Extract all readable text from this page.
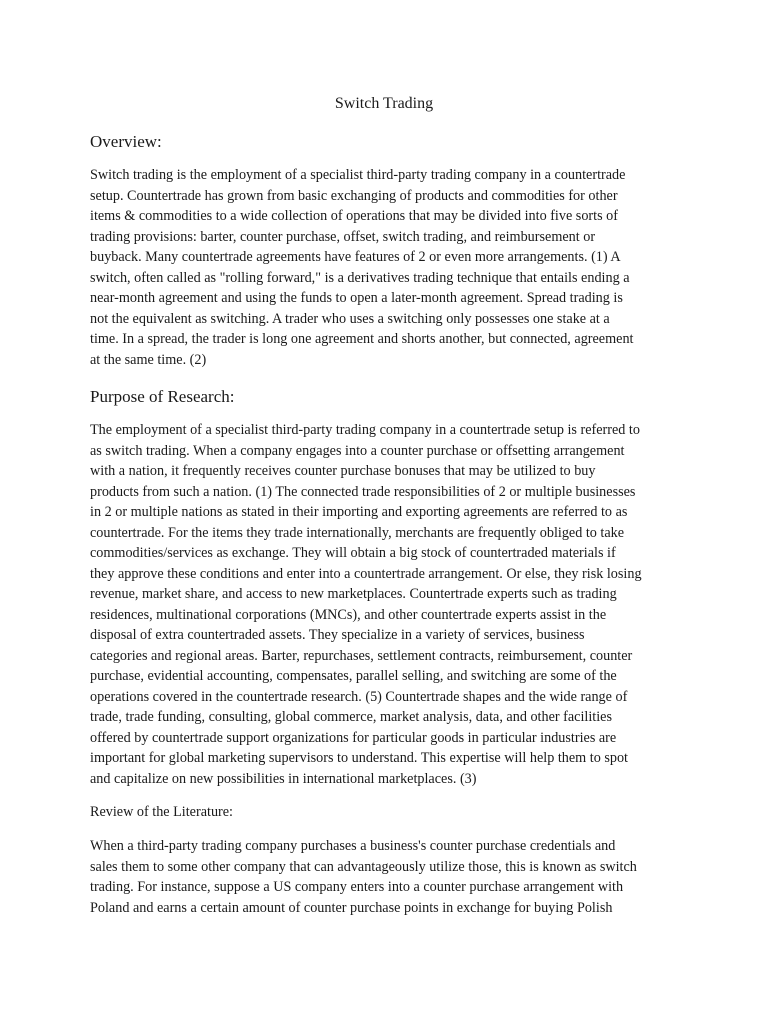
Switch Trading
Overview:

Switch trading is the employment of a specialist third-party trading company in a countertrade
setup. Countertrade has grown from basic exchanging of products and commodities for other
items & commodities to a wide collection of operations that may be divided into five sorts of
trading provisions: barter, counter purchase, offset, switch trading, and reimbursement or
buyback. Many countertrade agreements have features of 2 or even more arrangements. (1) A
switch, often called as "rolling forward," is a derivatives trading technique that entails ending a
near-month agreement and using the funds to open a later-month agreement. Spread trading is
not the equivalent as switching. A trader who uses a switching only possesses one stake at a
time. In a spread, the trader is long one agreement and shorts another, but connected, agreement
at the same time. (2)

Purpose of Research:

The employment of a specialist third-party trading company in a countertrade setup is referred to
as switch trading. When a company engages into a counter purchase or offsetting arrangement
with a nation, it frequently receives counter purchase bonuses that may be utilized to buy
products from such a nation. (1) The connected trade responsibilities of 2 or multiple businesses
in 2 or multiple nations as stated in their importing and exporting agreements are referred to as
countertrade. For the items they trade internationally, merchants are frequently obliged to take
commodities/services as exchange. They will obtain a big stock of countertraded materials if
they approve these conditions and enter into a countertrade arrangement. Or else, they risk losing
revenue, market share, and access to new marketplaces. Countertrade experts such as trading
residences, multinational corporations (MNCs), and other countertrade experts assist in the
disposal of extra countertraded assets. They specialize in a variety of services, business
categories and regional areas. Barter, repurchases, settlement contracts, reimbursement, counter
purchase, evidential accounting, compensates, parallel selling, and switching are some of the
operations covered in the countertrade research. (5) Countertrade shapes and the wide range of
trade, trade funding, consulting, global commerce, market analysis, data, and other facilities
offered by countertrade support organizations for particular goods in particular industries are
important for global marketing supervisors to understand. This expertise will help them to spot
and capitalize on new possibilities in international marketplaces. (3)

Review of the Literature:

When a third-party trading company purchases a business's counter purchase credentials and
sales them to some other company that can advantageously utilize those, this is known as switch
trading. For instance, suppose a US company enters into a counter purchase arrangement with
Poland and earns a certain amount of counter purchase points in exchange for buying Polish
